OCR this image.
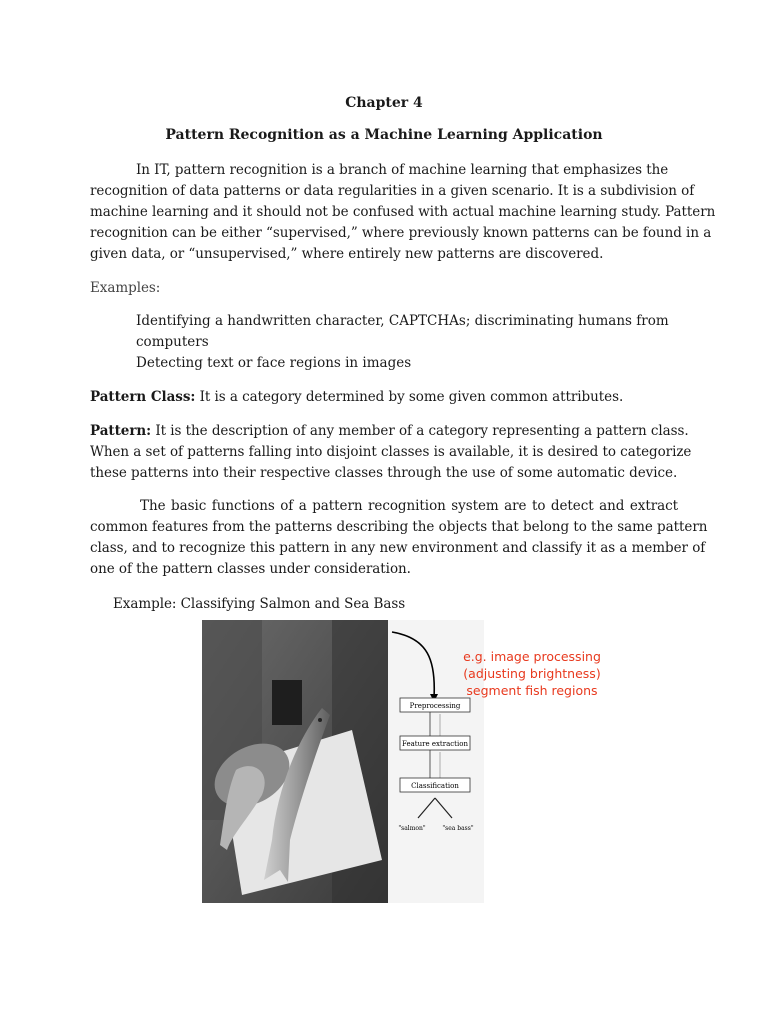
Chapter 4
Pattern Recognition as a Machine Learning Application
In IT, pattern recognition is a branch of machine learning that emphasizes the
recognition of data patterns or data regularities in a given scenario. It is a subdivision of
machine learning and it should not be confused with actual machine learning study. Pattern
recognition can be either “supervised,” where previously known patterns can be found in a
given data, or “unsupervised,” where entirely new patterns are discovered.
Examples:
Identifying a handwritten character, CAPTCHAs; discriminating humans from
computers
Detecting text or face regions in images
Pattern Class: It is a category determined by some given common attributes.
Pattern: It is the description of any member of a category representing a pattern class.
When a set of patterns falling into disjoint classes is available, it is desired to categorize
these patterns into their respective classes through the use of some automatic device.
The basic functions of a pattern recognition system are to detect and extract
common features from the patterns describing the objects that belong to the same pattern
class, and to recognize this pattern in any new environment and classify it as a member of
one of the pattern classes under consideration.
Example: Classifying Salmon and Sea Bass
Preprocessing
Feature extraction
Classification
"salmon"	"sea bass"
e.g. image processing
(adjusting brightness)
segment fish regions
